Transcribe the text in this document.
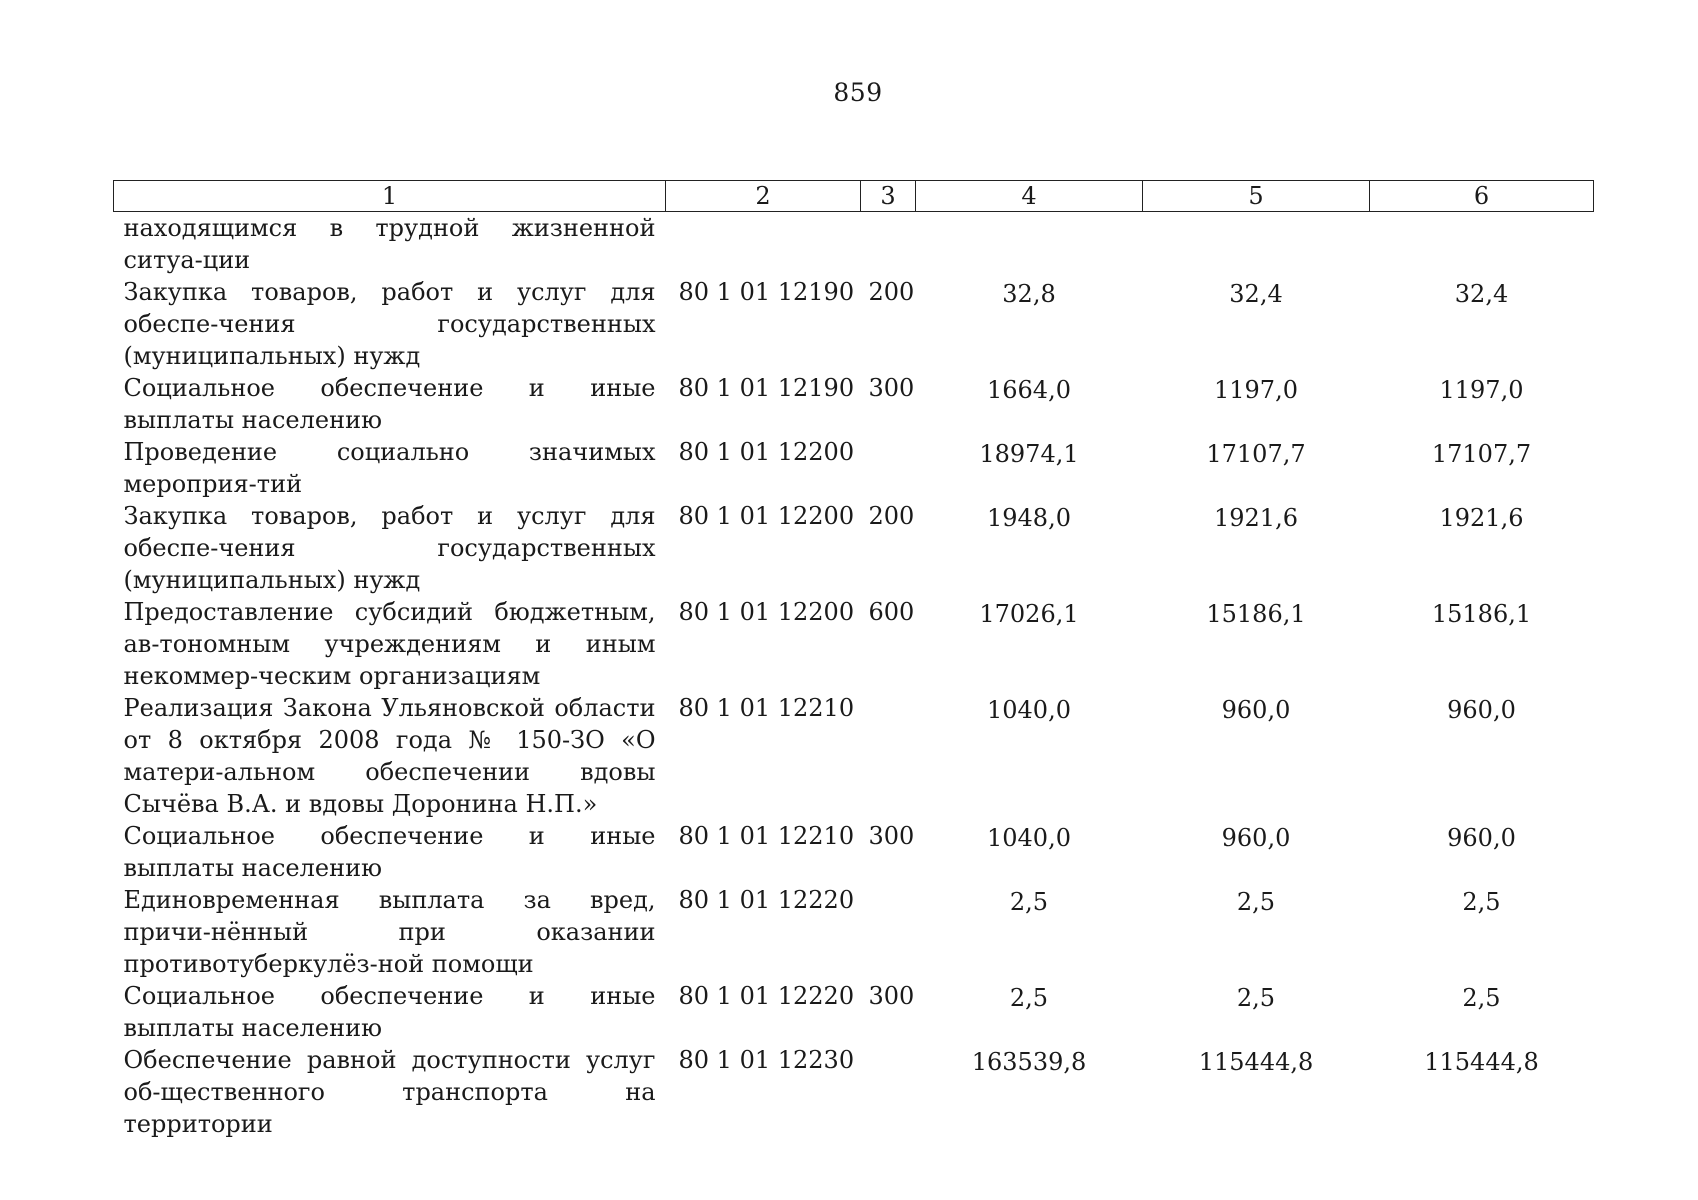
859
1	2	3	4	5	6
находящимся в трудной жизненной ситуа-ции					
Закупка товаров, работ и услуг для обеспе-чения государственных (муниципальных) нужд	80 1 01 12190	200	32,8	32,4	32,4
Социальное обеспечение и иные выплаты населению	80 1 01 12190	300	1664,0	1197,0	1197,0
Проведение социально значимых мероприя-тий	80 1 01 12200		18974,1	17107,7	17107,7
Закупка товаров, работ и услуг для обеспе-чения государственных (муниципальных) нужд	80 1 01 12200	200	1948,0	1921,6	1921,6
Предоставление субсидий бюджетным, ав-тономным учреждениям и иным некоммер-ческим организациям	80 1 01 12200	600	17026,1	15186,1	15186,1
Реализация Закона Ульяновской области от 8 октября 2008 года № 150-ЗО «О матери-альном обеспечении вдовы Сычёва В.А. и вдовы Доронина Н.П.»	80 1 01 12210		1040,0	960,0	960,0
Социальное обеспечение и иные выплаты населению	80 1 01 12210	300	1040,0	960,0	960,0
Единовременная выплата за вред, причи-нённый при оказании противотуберкулёз-ной помощи	80 1 01 12220		2,5	2,5	2,5
Социальное обеспечение и иные выплаты населению	80 1 01 12220	300	2,5	2,5	2,5
Обеспечение равной доступности услуг об-щественного транспорта на территории	80 1 01 12230		163539,8	115444,8	115444,8
